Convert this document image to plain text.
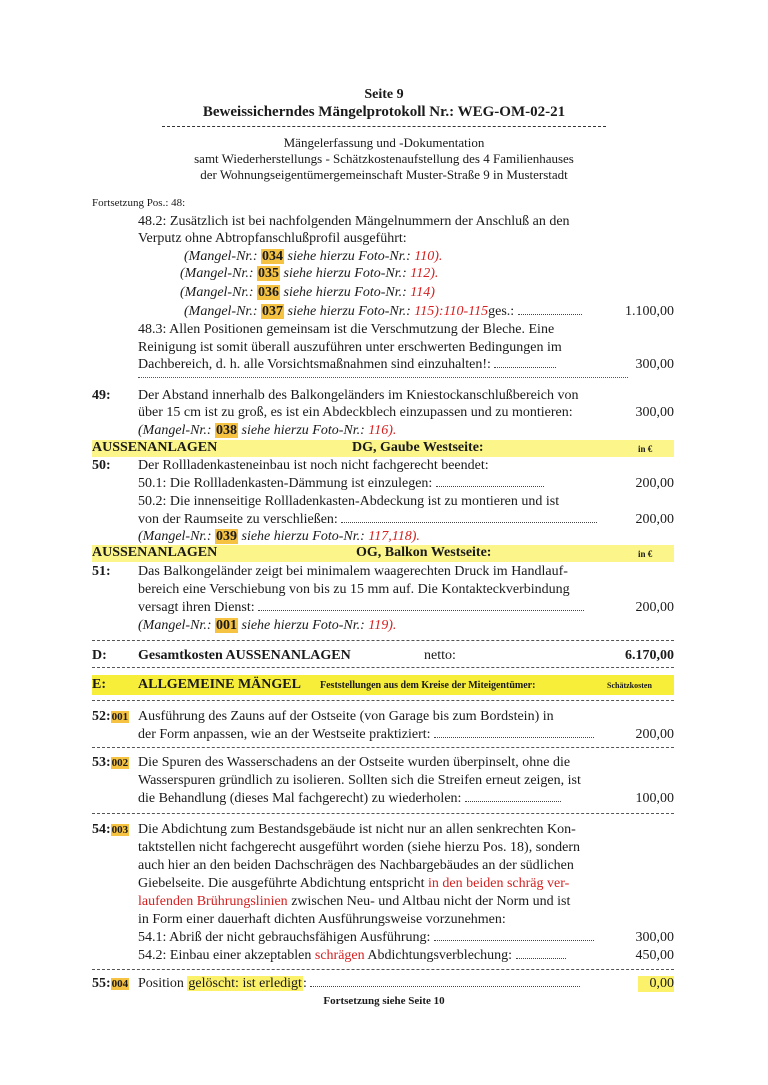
Seite 9
Beweissicherndes Mängelprotokoll Nr.: WEG-OM-02-21
Mängelerfassung und -Dokumentation
samt Wiederherstellungs - Schätzkostenaufstellung des 4 Familienhauses
der Wohnungseigentümergemeinschaft Muster-Straße 9 in Musterstadt
Fortsetzung Pos.: 48:
48.2: Zusätzlich ist bei nachfolgenden Mängelnummern der Anschluß an den
Verputz ohne Abtropfanschlußprofil ausgeführt:
(Mangel-Nr.: 034 siehe hierzu Foto-Nr.: 110).
(Mangel-Nr.: 035 siehe hierzu Foto-Nr.: 112).
(Mangel-Nr.: 036 siehe hierzu Foto-Nr.: 114)
(Mangel-Nr.: 037 siehe hierzu Foto-Nr.: 115):110-115ges.:	1.100,00
48.3: Allen Positionen gemeinsam ist die Verschmutzung der Bleche. Eine
Reinigung ist somit überall auszuführen unter erschwerten Bedingungen im
Dachbereich, d. h. alle Vorsichtsmaßnahmen sind einzuhalten!:	300,00
49: Der Abstand innerhalb des Balkongeländers im Kniestockanschlußbereich von
über 15 cm ist zu groß, es ist ein Abdeckblech einzupassen und zu montieren:	300,00
(Mangel-Nr.: 038 siehe hierzu Foto-Nr.: 116).
AUSSENANLAGEN	DG, Gaube Westseite:	in €
50: Der Rollladenkasteneinbau ist noch nicht fachgerecht beendet:
50.1: Die Rollladenkasten-Dämmung ist einzulegen:	200,00
50.2: Die innenseitige Rollladenkasten-Abdeckung ist zu montieren und ist
von der Raumseite zu verschließen:	200,00
(Mangel-Nr.: 039 siehe hierzu Foto-Nr.: 117,118).
AUSSENANLAGEN	OG, Balkon Westseite:	in €
51: Das Balkongeländer zeigt bei minimalem waagerechten Druck im Handlauf-
bereich eine Verschiebung von bis zu 15 mm auf. Die Kontakteckverbindung
versagt ihren Dienst:	200,00
(Mangel-Nr.: 001 siehe hierzu Foto-Nr.: 119).
D: Gesamtkosten AUSSENANLAGEN	netto:	6.170,00
E: ALLGEMEINE MÄNGEL Feststellungen aus dem Kreise der Miteigentümer:	Schätzkosten
52:001 Ausführung des Zauns auf der Ostseite (von Garage bis zum Bordstein) in
der Form anpassen, wie an der Westseite praktiziert:	200,00
53:002 Die Spuren des Wasserschadens an der Ostseite wurden überpinselt, ohne die
Wasserspuren gründlich zu isolieren. Sollten sich die Streifen erneut zeigen, ist
die Behandlung (dieses Mal fachgerecht) zu wiederholen:	100,00
54:003 Die Abdichtung zum Bestandsgebäude ist nicht nur an allen senkrechten Kon-
taktstellen nicht fachgerecht ausgeführt worden (siehe hierzu Pos. 18), sondern
auch hier an den beiden Dachschrägen des Nachbargebäudes an der südlichen
Giebelseite. Die ausgeführte Abdichtung entspricht in den beiden schräg ver-
laufenden Brührungslinien zwischen Neu- und Altbau nicht der Norm und ist
in Form einer dauerhaft dichten Ausführungsweise vorzunehmen:
54.1: Abriß der nicht gebrauchsfähigen Ausführung:	300,00
54.2: Einbau einer akzeptablen schrägen Abdichtungsverblechung:	450,00
55:004 Position gelöscht: ist erledigt:	0,00
Fortsetzung siehe Seite 10
